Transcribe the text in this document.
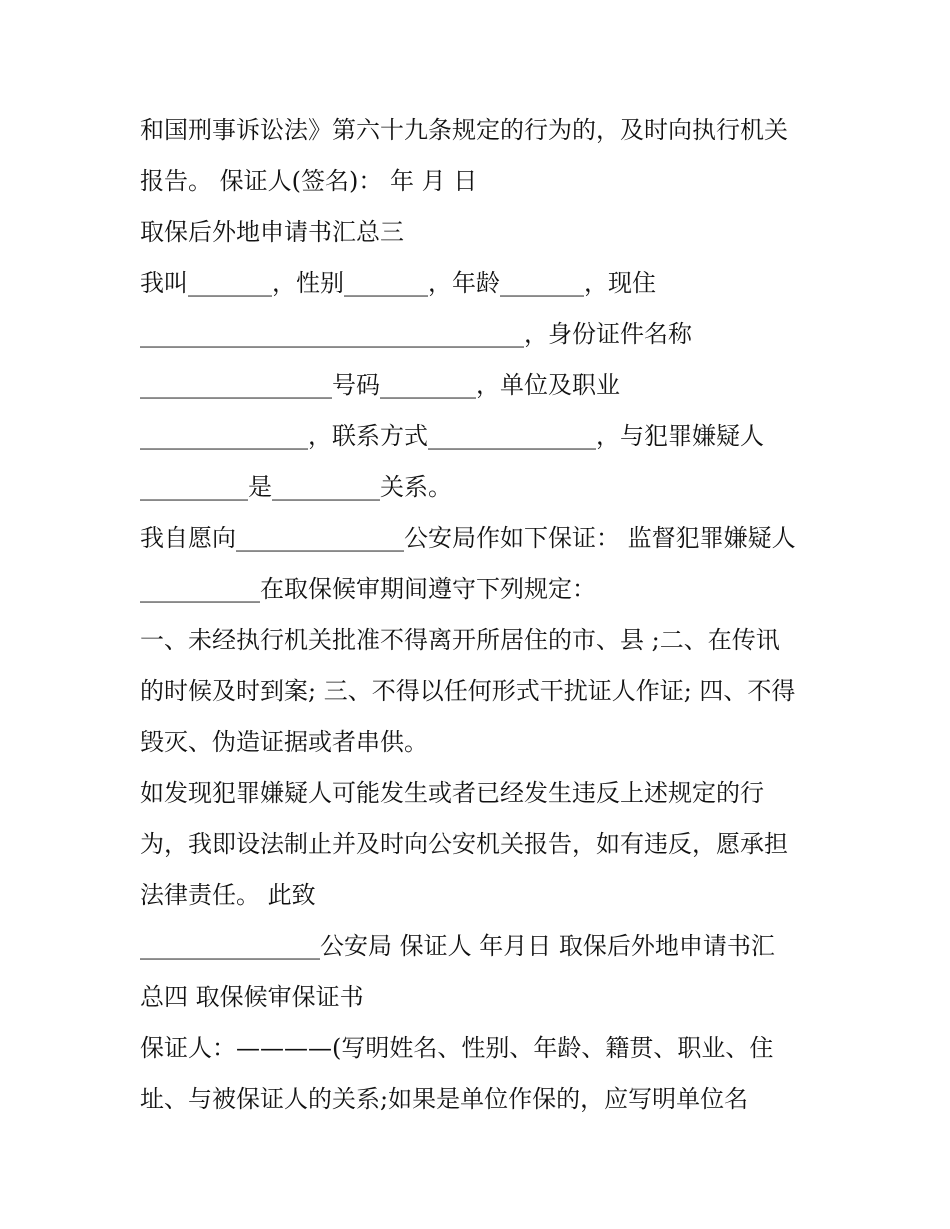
和国刑事诉讼法》第六十九条规定的行为的，及时向执行机关
报告。 保证人(签名)： 年 月 日
取保后外地申请书汇总三
我叫_______，性别_______，年龄_______，现住
________________________________，身份证件名称
________________号码________，单位及职业
______________，联系方式______________，与犯罪嫌疑人
_________是_________关系。
我自愿向______________公安局作如下保证： 监督犯罪嫌疑人
__________在取保候审期间遵守下列规定：
一、未经执行机关批准不得离开所居住的市、县 ;二、在传讯
的时候及时到案; 三、不得以任何形式干扰证人作证; 四、不得
毁灭、伪造证据或者串供。
如发现犯罪嫌疑人可能发生或者已经发生违反上述规定的行
为，我即设法制止并及时向公安机关报告，如有违反，愿承担
法律责任。 此致
_______________公安局 保证人 年月日 取保后外地申请书汇
总四 取保候审保证书
保证人：————(写明姓名、性别、年龄、籍贯、职业、住
址、与被保证人的关系;如果是单位作保的，应写明单位名
